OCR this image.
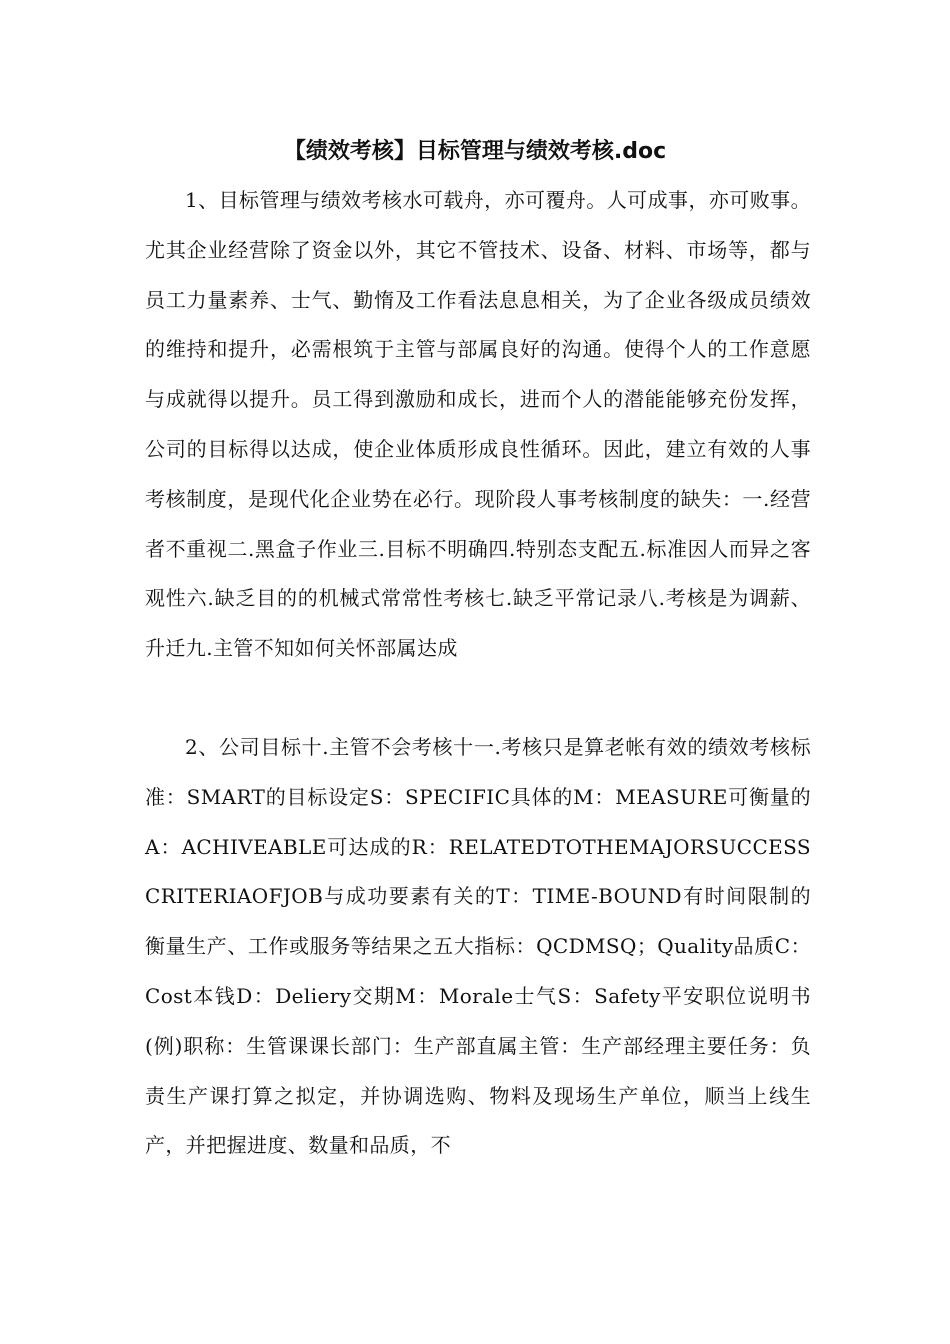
【绩效考核】目标管理与绩效考核.doc

1、目标管理与绩效考核水可载舟，亦可覆舟。人可成事，亦可败事。尤其企业经营除了资金以外，其它不管技术、设备、材料、市场等，都与员工力量素养、士气、勤惰及工作看法息息相关，为了企业各级成员绩效的维持和提升，必需根筑于主管与部属良好的沟通。使得个人的工作意愿与成就得以提升。员工得到激励和成长，进而个人的潜能能够充份发挥，公司的目标得以达成，使企业体质形成良性循环。因此，建立有效的人事考核制度，是现代化企业势在必行。现阶段人事考核制度的缺失：一.经营者不重视二.黑盒子作业三.目标不明确四.特别态支配五.标准因人而异之客观性六.缺乏目的的机械式常常性考核七.缺乏平常记录八.考核是为调薪、升迁九.主管不知如何关怀部属达成

2、公司目标十.主管不会考核十一.考核只是算老帐有效的绩效考核标准：SMART的目标设定S：SPECIFIC具体的M：MEASURE可衡量的A：ACHIVEABLE可达成的R：RELATEDTOTHEMAJORSUCCESSCRITERIAOFJOB与成功要素有关的T：TIME-BOUND有时间限制的衡量生产、工作或服务等结果之五大指标：QCDMSQ；Quality品质C：Cost本钱D：Deliery交期M：Morale士气S：Safety平安职位说明书(例)职称：生管课课长部门：生产部直属主管：生产部经理主要任务：负责生产课打算之拟定，并协调选购、物料及现场生产单位，顺当上线生产，并把握进度、数量和品质，不
